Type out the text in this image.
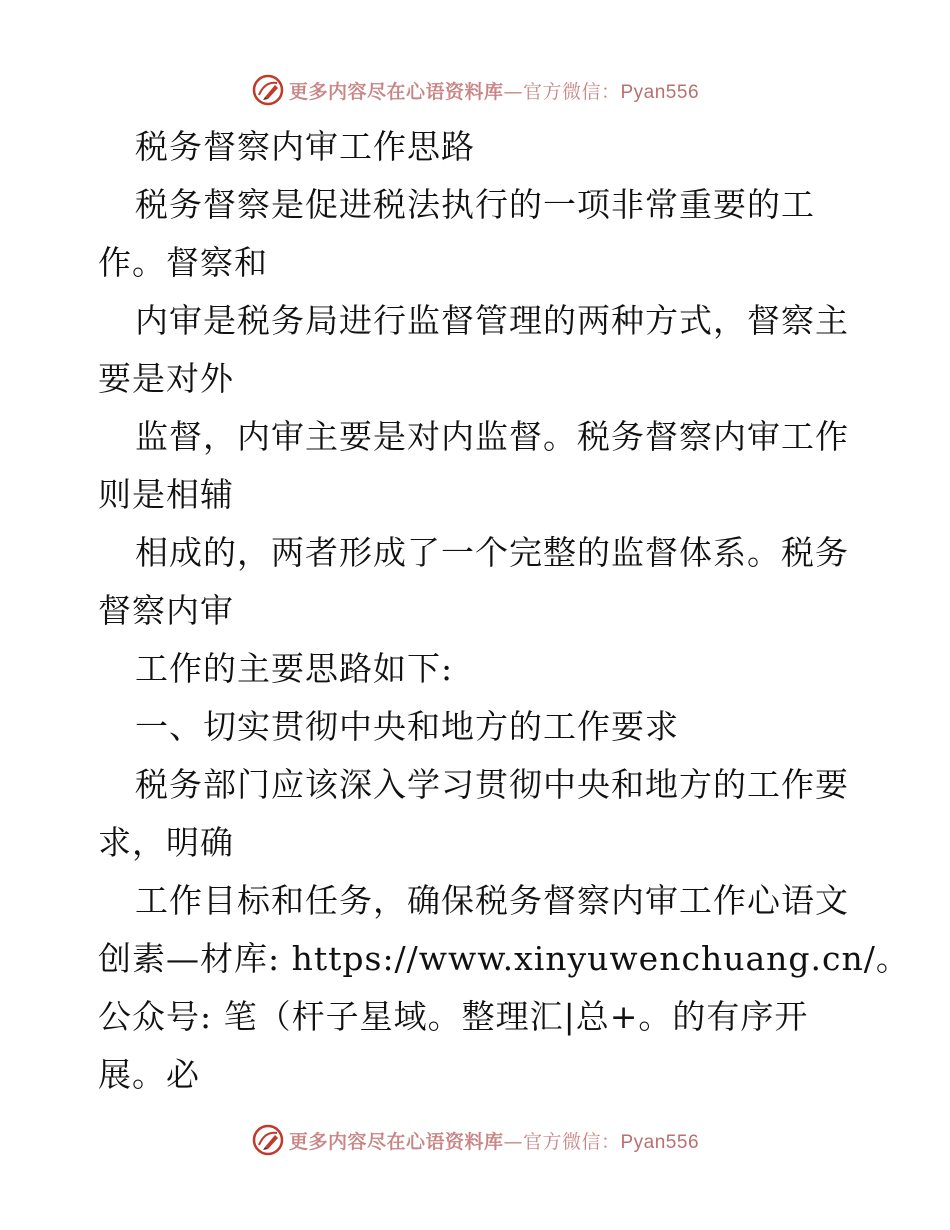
更多内容尽在心语资料库—官方微信：Pyan556
税务督察内审工作思路
税务督察是促进税法执行的一项非常重要的工
作。督察和
内审是税务局进行监督管理的两种方式，督察主
要是对外
监督，内审主要是对内监督。税务督察内审工作
则是相辅
相成的，两者形成了一个完整的监督体系。税务
督察内审
工作的主要思路如下:
一、切实贯彻中央和地方的工作要求
税务部门应该深入学习贯彻中央和地方的工作要
求，明确
工作目标和任务，确保税务督察内审工作心语文
创素—材库: https://www.xinyuwenchuang.cn/。
公众号: 笔（杆子星域。整理汇|总+。的有序开
展。必
更多内容尽在心语资料库—官方微信：Pyan556
